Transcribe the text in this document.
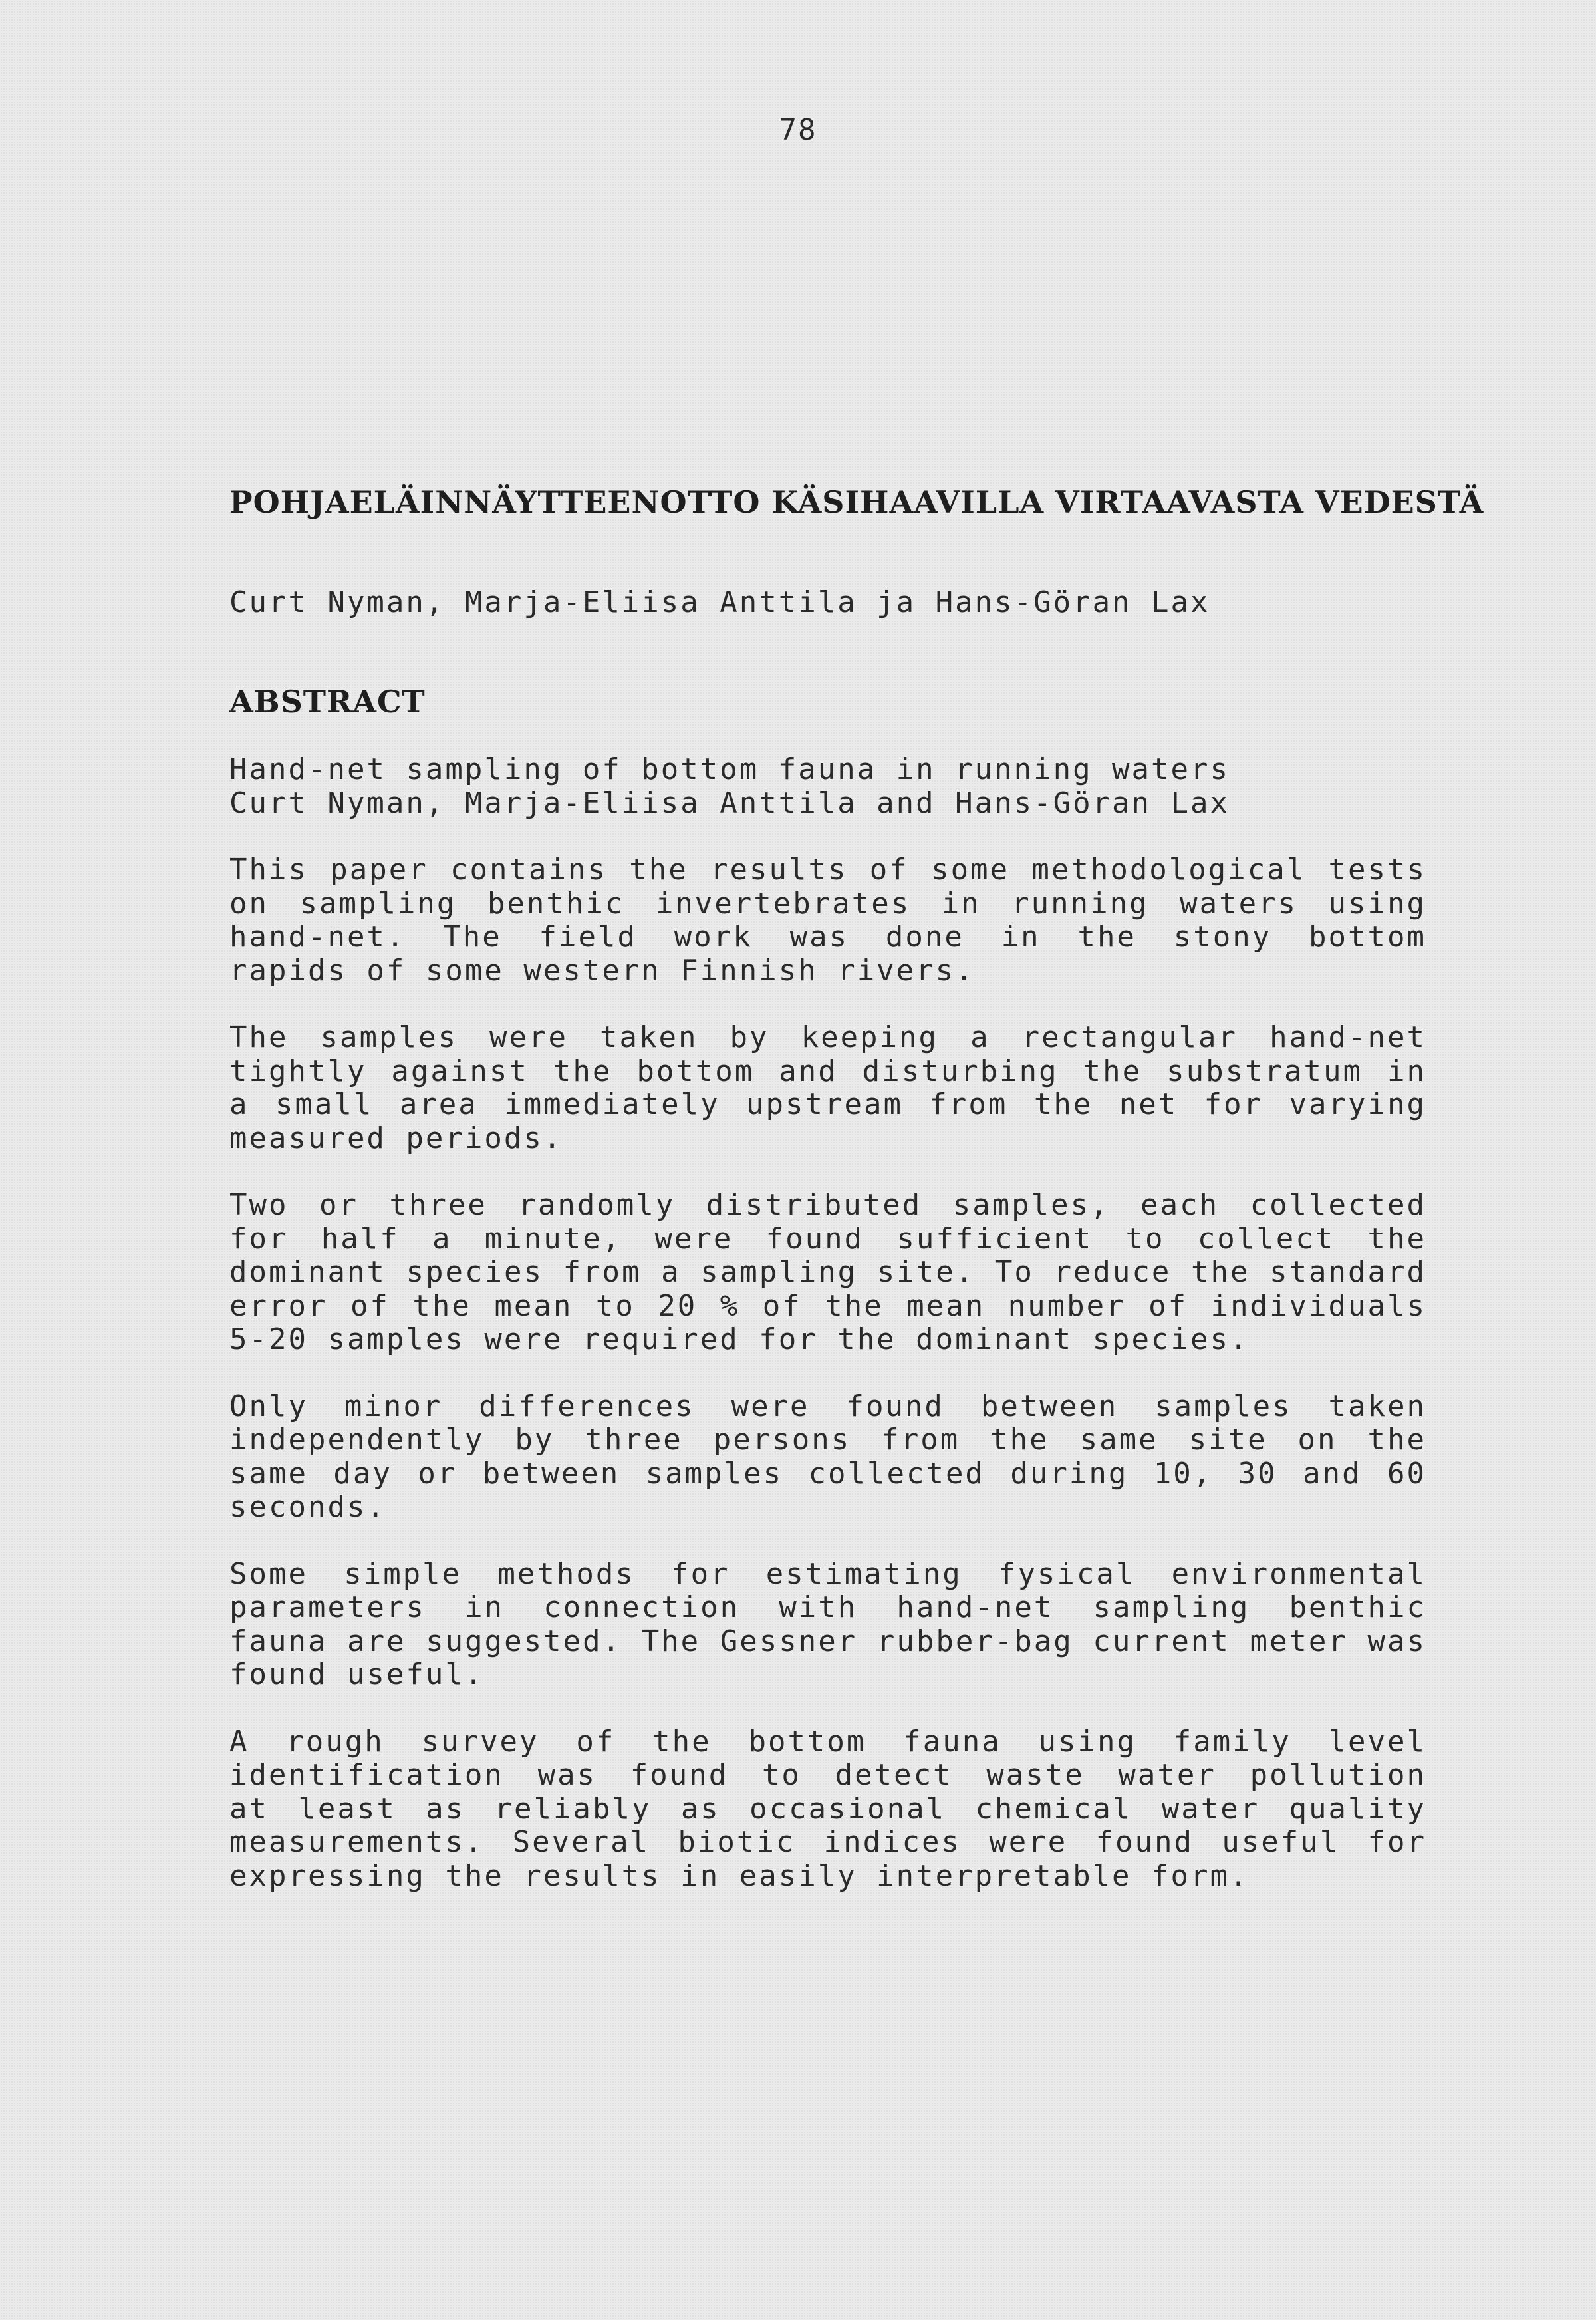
78
POHJAELÄINNÄYTTEENOTTO KÄSIHAAVILLA VIRTAAVASTA VEDESTÄ
Curt Nyman, Marja-Eliisa Anttila ja Hans-Göran Lax
ABSTRACT
Hand-net sampling of bottom fauna in running waters
Curt Nyman, Marja-Eliisa Anttila and Hans-Göran Lax
This paper contains the results of some methodological tests
on sampling benthic invertebrates in running waters using
hand-net. The field work was done in the stony bottom
rapids of some western Finnish rivers.
The samples were taken by keeping a rectangular hand-net
tightly against the bottom and disturbing the substratum in
a small area immediately upstream from the net for varying
measured periods.
Two or three randomly distributed samples, each collected
for half a minute, were found sufficient to collect the
dominant species from a sampling site. To reduce the standard
error of the mean to 20 % of the mean number of individuals
5-20 samples were required for the dominant species.
Only minor differences were found between samples taken
independently by three persons from the same site on the
same day or between samples collected during 10, 30 and 60
seconds.
Some simple methods for estimating fysical environmental
parameters in connection with hand-net sampling benthic
fauna are suggested. The Gessner rubber-bag current meter was
found useful.
A rough survey of the bottom fauna using family level
identification was found to detect waste water pollution
at least as reliably as occasional chemical water quality
measurements. Several biotic indices were found useful for
expressing the results in easily interpretable form.
